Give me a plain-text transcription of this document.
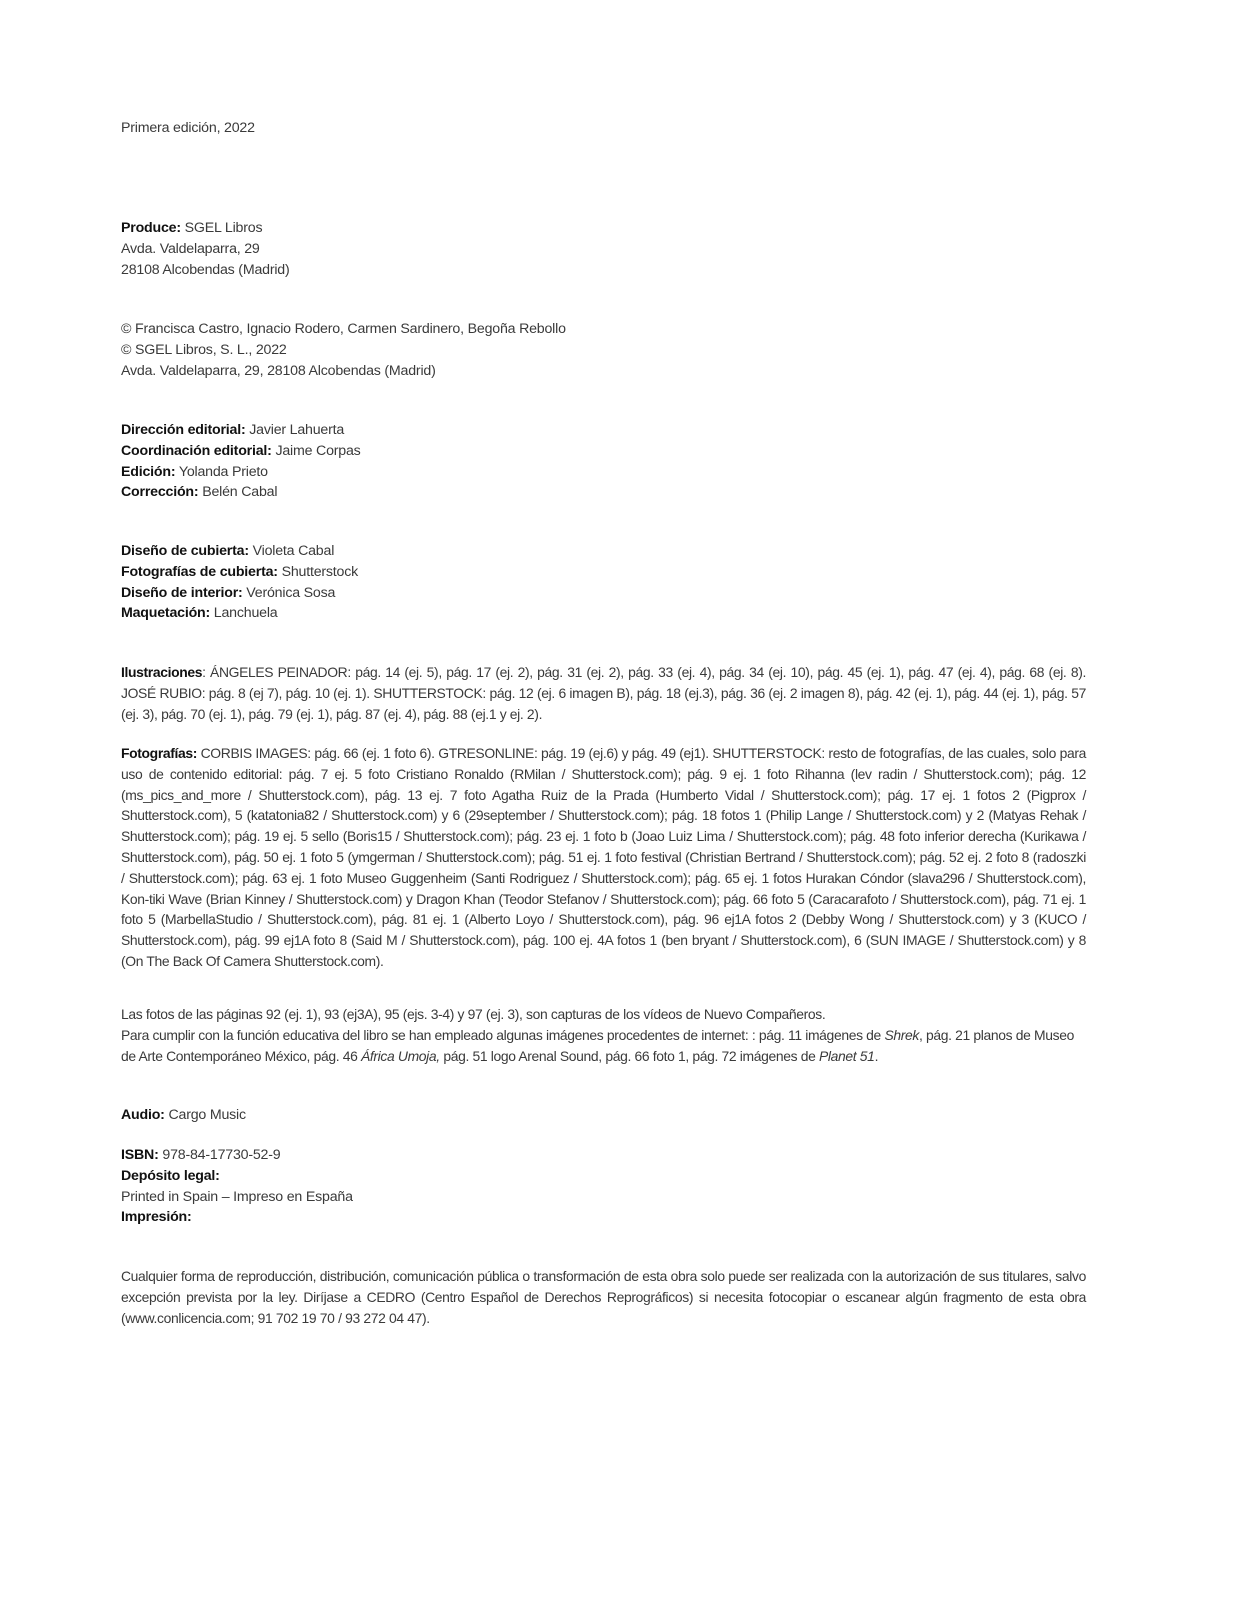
Primera edición, 2022
Produce: SGEL Libros
Avda. Valdelaparra, 29
28108 Alcobendas (Madrid)
© Francisca Castro, Ignacio Rodero, Carmen Sardinero, Begoña Rebollo
© SGEL Libros, S. L., 2022
Avda. Valdelaparra, 29, 28108 Alcobendas (Madrid)
Dirección editorial: Javier Lahuerta
Coordinación editorial: Jaime Corpas
Edición: Yolanda Prieto
Corrección: Belén Cabal
Diseño de cubierta: Violeta Cabal
Fotografías de cubierta: Shutterstock
Diseño de interior: Verónica Sosa
Maquetación: Lanchuela
Ilustraciones: ÁNGELES PEINADOR: pág. 14 (ej. 5), pág. 17 (ej. 2), pág. 31 (ej. 2), pág. 33 (ej. 4), pág. 34 (ej. 10), pág. 45 (ej. 1), pág. 47 (ej. 4), pág. 68 (ej. 8). JOSÉ RUBIO: pág. 8 (ej 7), pág. 10 (ej. 1). SHUTTERSTOCK: pág. 12 (ej. 6 imagen B), pág. 18 (ej.3), pág. 36 (ej. 2 imagen 8), pág. 42 (ej. 1), pág. 44 (ej. 1), pág. 57 (ej. 3), pág. 70 (ej. 1), pág. 79 (ej. 1), pág. 87 (ej. 4), pág. 88 (ej.1 y ej. 2).
Fotografías: CORBIS IMAGES: pág. 66 (ej. 1 foto 6). GTRESONLINE: pág. 19 (ej.6) y pág. 49 (ej1). SHUTTERSTOCK: resto de fotografías, de las cuales, solo para uso de contenido editorial: pág. 7 ej. 5 foto Cristiano Ronaldo (RMilan / Shutterstock.com); pág. 9 ej. 1 foto Rihanna (lev radin / Shutterstock.com); pág. 12 (ms_pics_and_more / Shutterstock.com), pág. 13 ej. 7 foto Agatha Ruiz de la Prada (Humberto Vidal / Shutterstock.com); pág. 17 ej. 1 fotos 2 (Pigprox / Shutterstock.com), 5 (katatonia82 / Shutterstock.com) y 6 (29september / Shutterstock.com); pág. 18 fotos 1 (Philip Lange / Shutterstock.com) y 2 (Matyas Rehak / Shutterstock.com); pág. 19 ej. 5 sello (Boris15 / Shutterstock.com); pág. 23 ej. 1 foto b (Joao Luiz Lima / Shutterstock.com); pág. 48 foto inferior derecha (Kurikawa / Shutterstock.com), pág. 50 ej. 1 foto 5 (ymgerman / Shutterstock.com); pág. 51 ej. 1 foto festival (Christian Bertrand / Shutterstock.com); pág. 52 ej. 2 foto 8 (radoszki / Shutterstock.com); pág. 63 ej. 1 foto Museo Guggenheim (Santi Rodriguez / Shutterstock.com); pág. 65 ej. 1 fotos Hurakan Cóndor (slava296 / Shutterstock.com), Kon-tiki Wave (Brian Kinney / Shutterstock.com) y Dragon Khan (Teodor Stefanov / Shutterstock.com); pág. 66 foto 5 (Caracarafoto / Shutterstock.com), pág. 71 ej. 1 foto 5 (MarbellaStudio / Shutterstock.com), pág. 81 ej. 1 (Alberto Loyo / Shutterstock.com), pág. 96 ej1A fotos 2 (Debby Wong / Shutterstock.com) y 3 (KUCO / Shutterstock.com), pág. 99 ej1A foto 8 (Said M / Shutterstock.com), pág. 100 ej. 4A fotos 1 (ben bryant / Shutterstock.com), 6 (SUN IMAGE / Shutterstock.com) y 8 (On The Back Of Camera Shutterstock.com).
Las fotos de las páginas 92 (ej. 1), 93 (ej3A), 95 (ejs. 3-4) y 97 (ej. 3), son capturas de los vídeos de Nuevo Compañeros.
Para cumplir con la función educativa del libro se han empleado algunas imágenes procedentes de internet: : pág. 11 imágenes de Shrek, pág. 21 planos de Museo de Arte Contemporáneo México, pág. 46 África Umoja, pág. 51 logo Arenal Sound, pág. 66 foto 1, pág. 72 imágenes de Planet 51.
Audio: Cargo Music
ISBN: 978-84-17730-52-9
Depósito legal:
Printed in Spain – Impreso en España
Impresión:
Cualquier forma de reproducción, distribución, comunicación pública o transformación de esta obra solo puede ser realizada con la autorización de sus titulares, salvo excepción prevista por la ley. Diríjase a CEDRO (Centro Español de Derechos Reprográficos) si necesita fotocopiar o escanear algún fragmento de esta obra (www.conlicencia.com; 91 702 19 70 / 93 272 04 47).
